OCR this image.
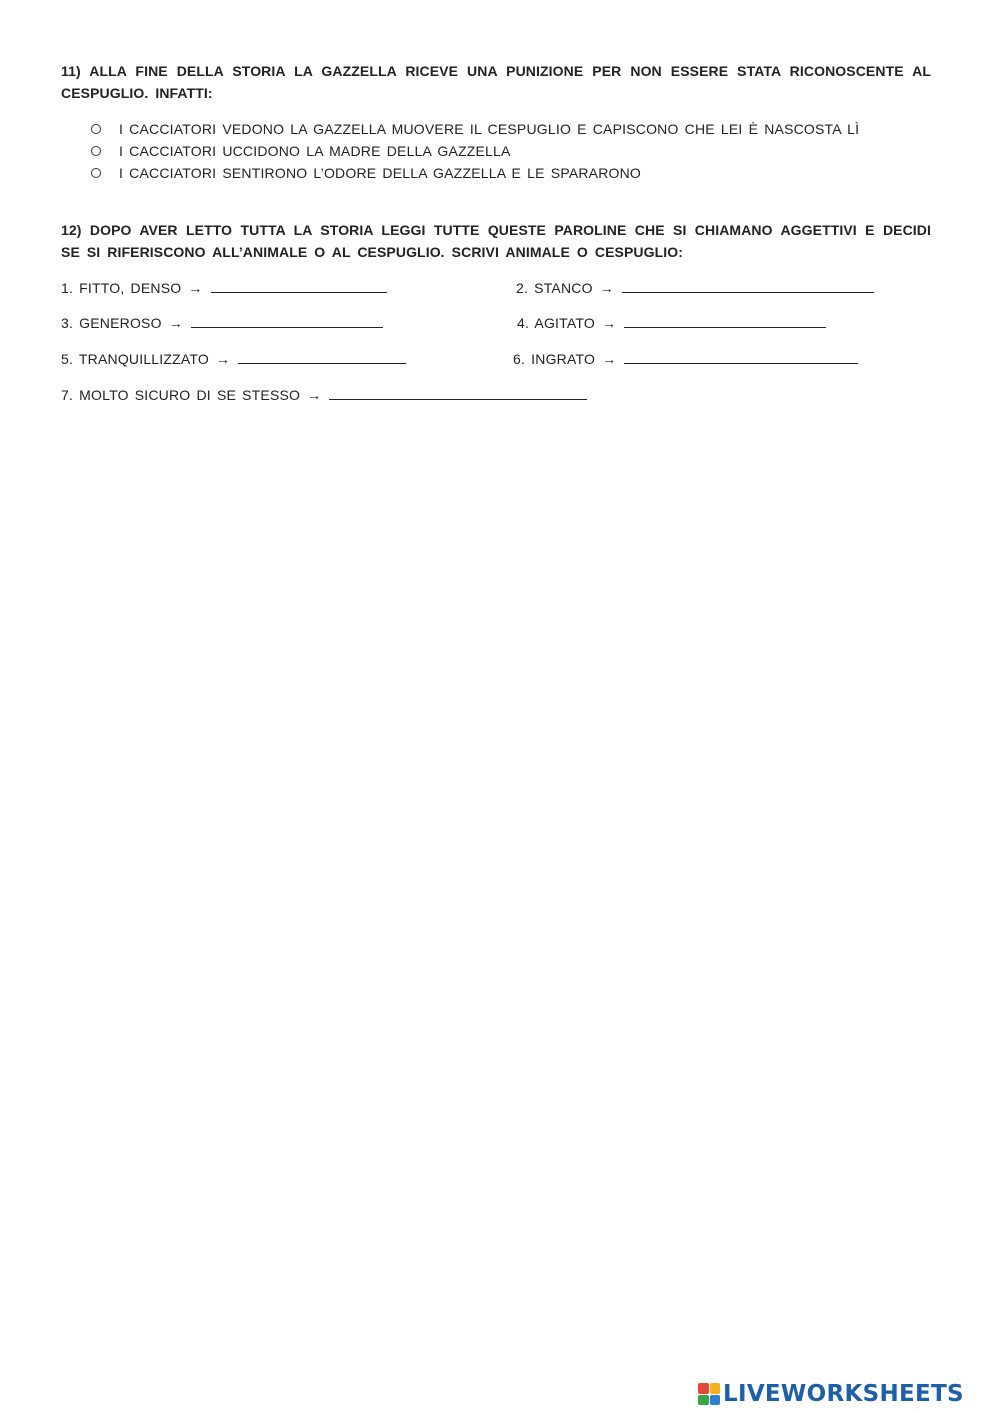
11) ALLA FINE DELLA STORIA LA GAZZELLA RICEVE UNA PUNIZIONE PER NON ESSERE STATA RICONOSCENTE AL CESPUGLIO. INFATTI:

I CACCIATORI VEDONO LA GAZZELLA MUOVERE IL CESPUGLIO E CAPISCONO CHE LEI È NASCOSTA LÌ
I CACCIATORI UCCIDONO LA MADRE DELLA GAZZELLA
I CACCIATORI SENTIRONO L’ODORE DELLA GAZZELLA E LE SPARARONO

12) DOPO AVER LETTO TUTTA LA STORIA LEGGI TUTTE QUESTE PAROLINE CHE SI CHIAMANO AGGETTIVI E DECIDI SE SI RIFERISCONO ALL’ANIMALE O AL CESPUGLIO. SCRIVI ANIMALE O CESPUGLIO:

1. FITTO, DENSO →	2. STANCO →
3. GENEROSO →	4. AGITATO →
5. TRANQUILLIZZATO →	6. INGRATO →
7. MOLTO SICURO DI SE STESSO →
LIVEWORKSHEETS
